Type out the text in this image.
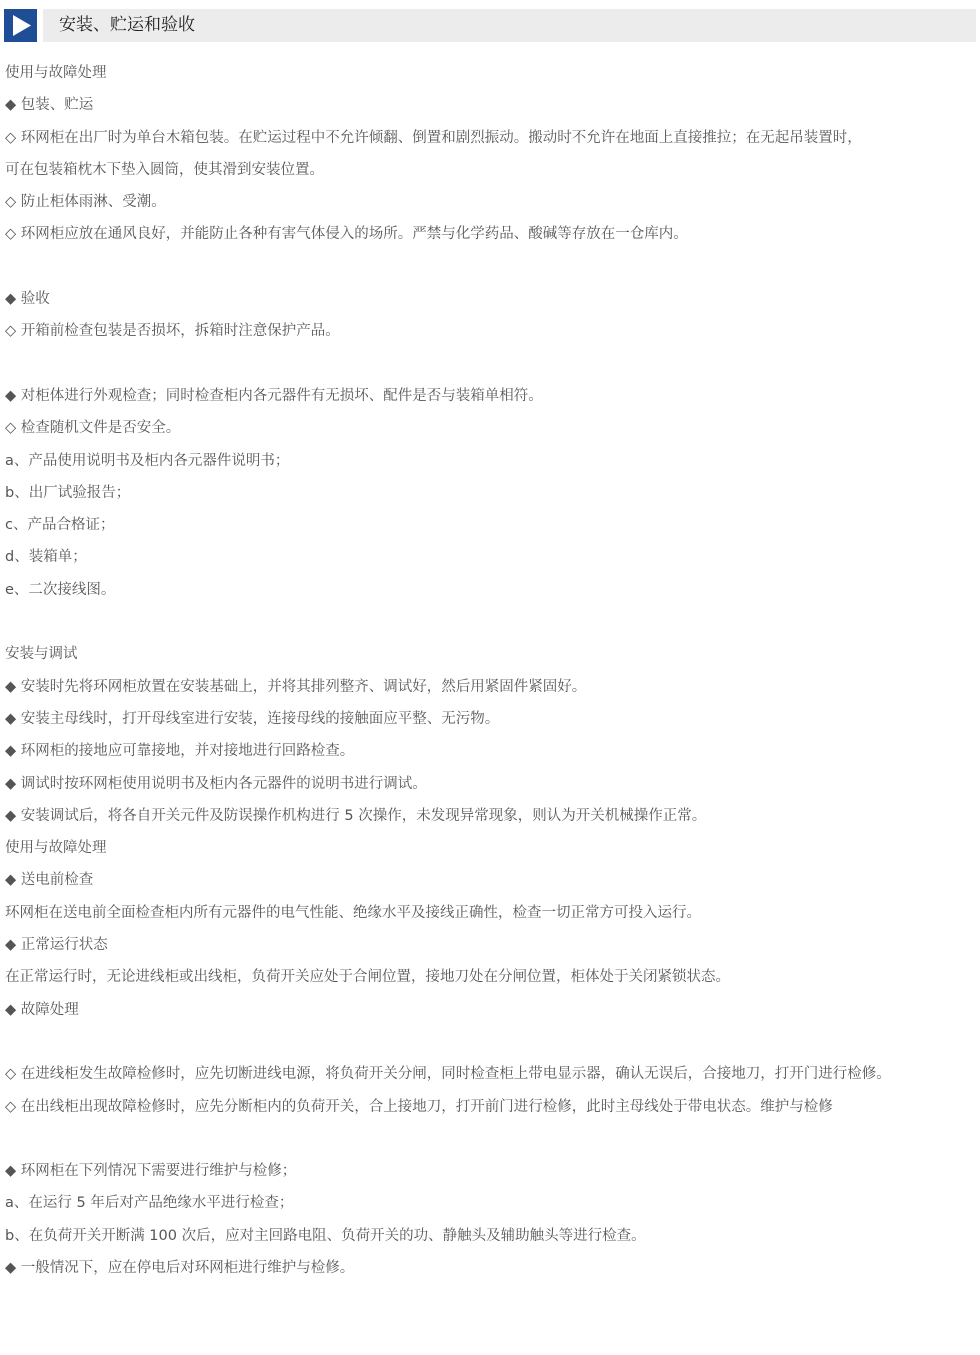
安装、贮运和验收
使用与故障处理
◆ 包装、贮运
◇ 环网柜在出厂时为单台木箱包装。在贮运过程中不允许倾翻、倒置和剧烈振动。搬动时不允许在地面上直接推拉；在无起吊装置时，
可在包装箱枕木下垫入圆筒，使其滑到安装位置。
◇ 防止柜体雨淋、受潮。
◇ 环网柜应放在通风良好，并能防止各种有害气体侵入的场所。严禁与化学药品、酸碱等存放在一仓库内。
◆ 验收
◇ 开箱前检查包装是否损坏，拆箱时注意保护产品。
◆ 对柜体进行外观检查；同时检查柜内各元器件有无损坏、配件是否与装箱单相符。
◇ 检查随机文件是否安全。
a、产品使用说明书及柜内各元器件说明书；
b、出厂试验报告；
c、产品合格证；
d、装箱单；
e、二次接线图。
安装与调试
◆ 安装时先将环网柜放置在安装基础上，并将其排列整齐、调试好，然后用紧固件紧固好。
◆ 安装主母线时，打开母线室进行安装，连接母线的接触面应平整、无污物。
◆ 环网柜的接地应可靠接地，并对接地进行回路检查。
◆ 调试时按环网柜使用说明书及柜内各元器件的说明书进行调试。
◆ 安装调试后，将各自开关元件及防误操作机构进行 5 次操作，未发现异常现象，则认为开关机械操作正常。
使用与故障处理
◆ 送电前检查
环网柜在送电前全面检查柜内所有元器件的电气性能、绝缘水平及接线正确性，检查一切正常方可投入运行。
◆ 正常运行状态
在正常运行时，无论进线柜或出线柜，负荷开关应处于合闸位置，接地刀处在分闸位置，柜体处于关闭紧锁状态。
◆ 故障处理
◇ 在进线柜发生故障检修时，应先切断进线电源，将负荷开关分闸，同时检查柜上带电显示器，确认无误后，合接地刀，打开门进行检修。
◇ 在出线柜出现故障检修时，应先分断柜内的负荷开关，合上接地刀，打开前门进行检修，此时主母线处于带电状态。维护与检修
◆ 环网柜在下列情况下需要进行维护与检修；
a、在运行 5 年后对产品绝缘水平进行检查；
b、在负荷开关开断满 100 次后，应对主回路电阻、负荷开关的功、静触头及辅助触头等进行检查。
◆ 一般情况下，应在停电后对环网柜进行维护与检修。
